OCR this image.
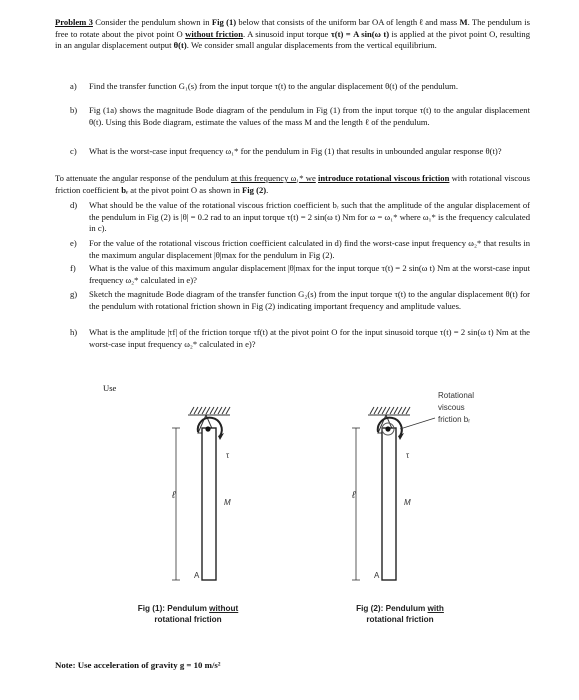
Problem 3 Consider the pendulum shown in Fig (1) below that consists of the uniform bar OA of length ℓ and mass M. The pendulum is free to rotate about the pivot point O without friction. A sinusoid input torque τ(t) = A sin(ω t) is applied at the pivot point O, resulting in an angular displacement output θ(t). We consider small angular displacements from the vertical equilibrium.
a) Find the transfer function G₁(s) from the input torque τ(t) to the angular displacement θ(t) of the pendulum.
b) Fig (1a) shows the magnitude Bode diagram of the pendulum in Fig (1) from the input torque τ(t) to the angular displacement θ(t). Using this Bode diagram, estimate the values of the mass M and the length ℓ of the pendulum.
c) What is the worst-case input frequency ω₁* for the pendulum in Fig (1) that results in unbounded angular response θ(t)?
To attenuate the angular response of the pendulum at this frequency ω₁* we introduce rotational viscous friction with rotational viscous friction coefficient bᵣ at the pivot point O as shown in Fig (2).
d) What should be the value of the rotational viscous friction coefficient bᵣ such that the amplitude of the angular displacement of the pendulum in Fig (2) is |θ| = 0.2 rad to an input torque τ(t) = 2 sin(ω t) Nm for ω = ω₁* where ω₁* is the frequency calculated in c).
e) For the value of the rotational viscous friction coefficient calculated in d) find the worst-case input frequency ω₂* that results in the maximum angular displacement |θ|max for the pendulum in Fig (2).
f) What is the value of this maximum angular displacement |θ|max for the input torque τ(t) = 2 sin(ω t) Nm at the worst-case input frequency ω₂* calculated in e)?
g) Sketch the magnitude Bode diagram of the transfer function G₂(s) from the input torque τ(t) to the angular displacement θ(t) for the pendulum with rotational friction shown in Fig (2) indicating important frequency and amplitude values.
h) What is the amplitude |τf| of the friction torque τf(t) at the pivot point O for the input sinusoid torque τ(t) = 2 sin(ω t) Nm at the worst-case input frequency ω₂* calculated in e)?
Use
ℓ
τ
M
A
Fig (1): Pendulum without
rotational friction
ℓ
τ
M
A
Rotational
viscous
friction bᵣ
Fig (2): Pendulum with
rotational friction
Note: Use acceleration of gravity g = 10 m/s²
